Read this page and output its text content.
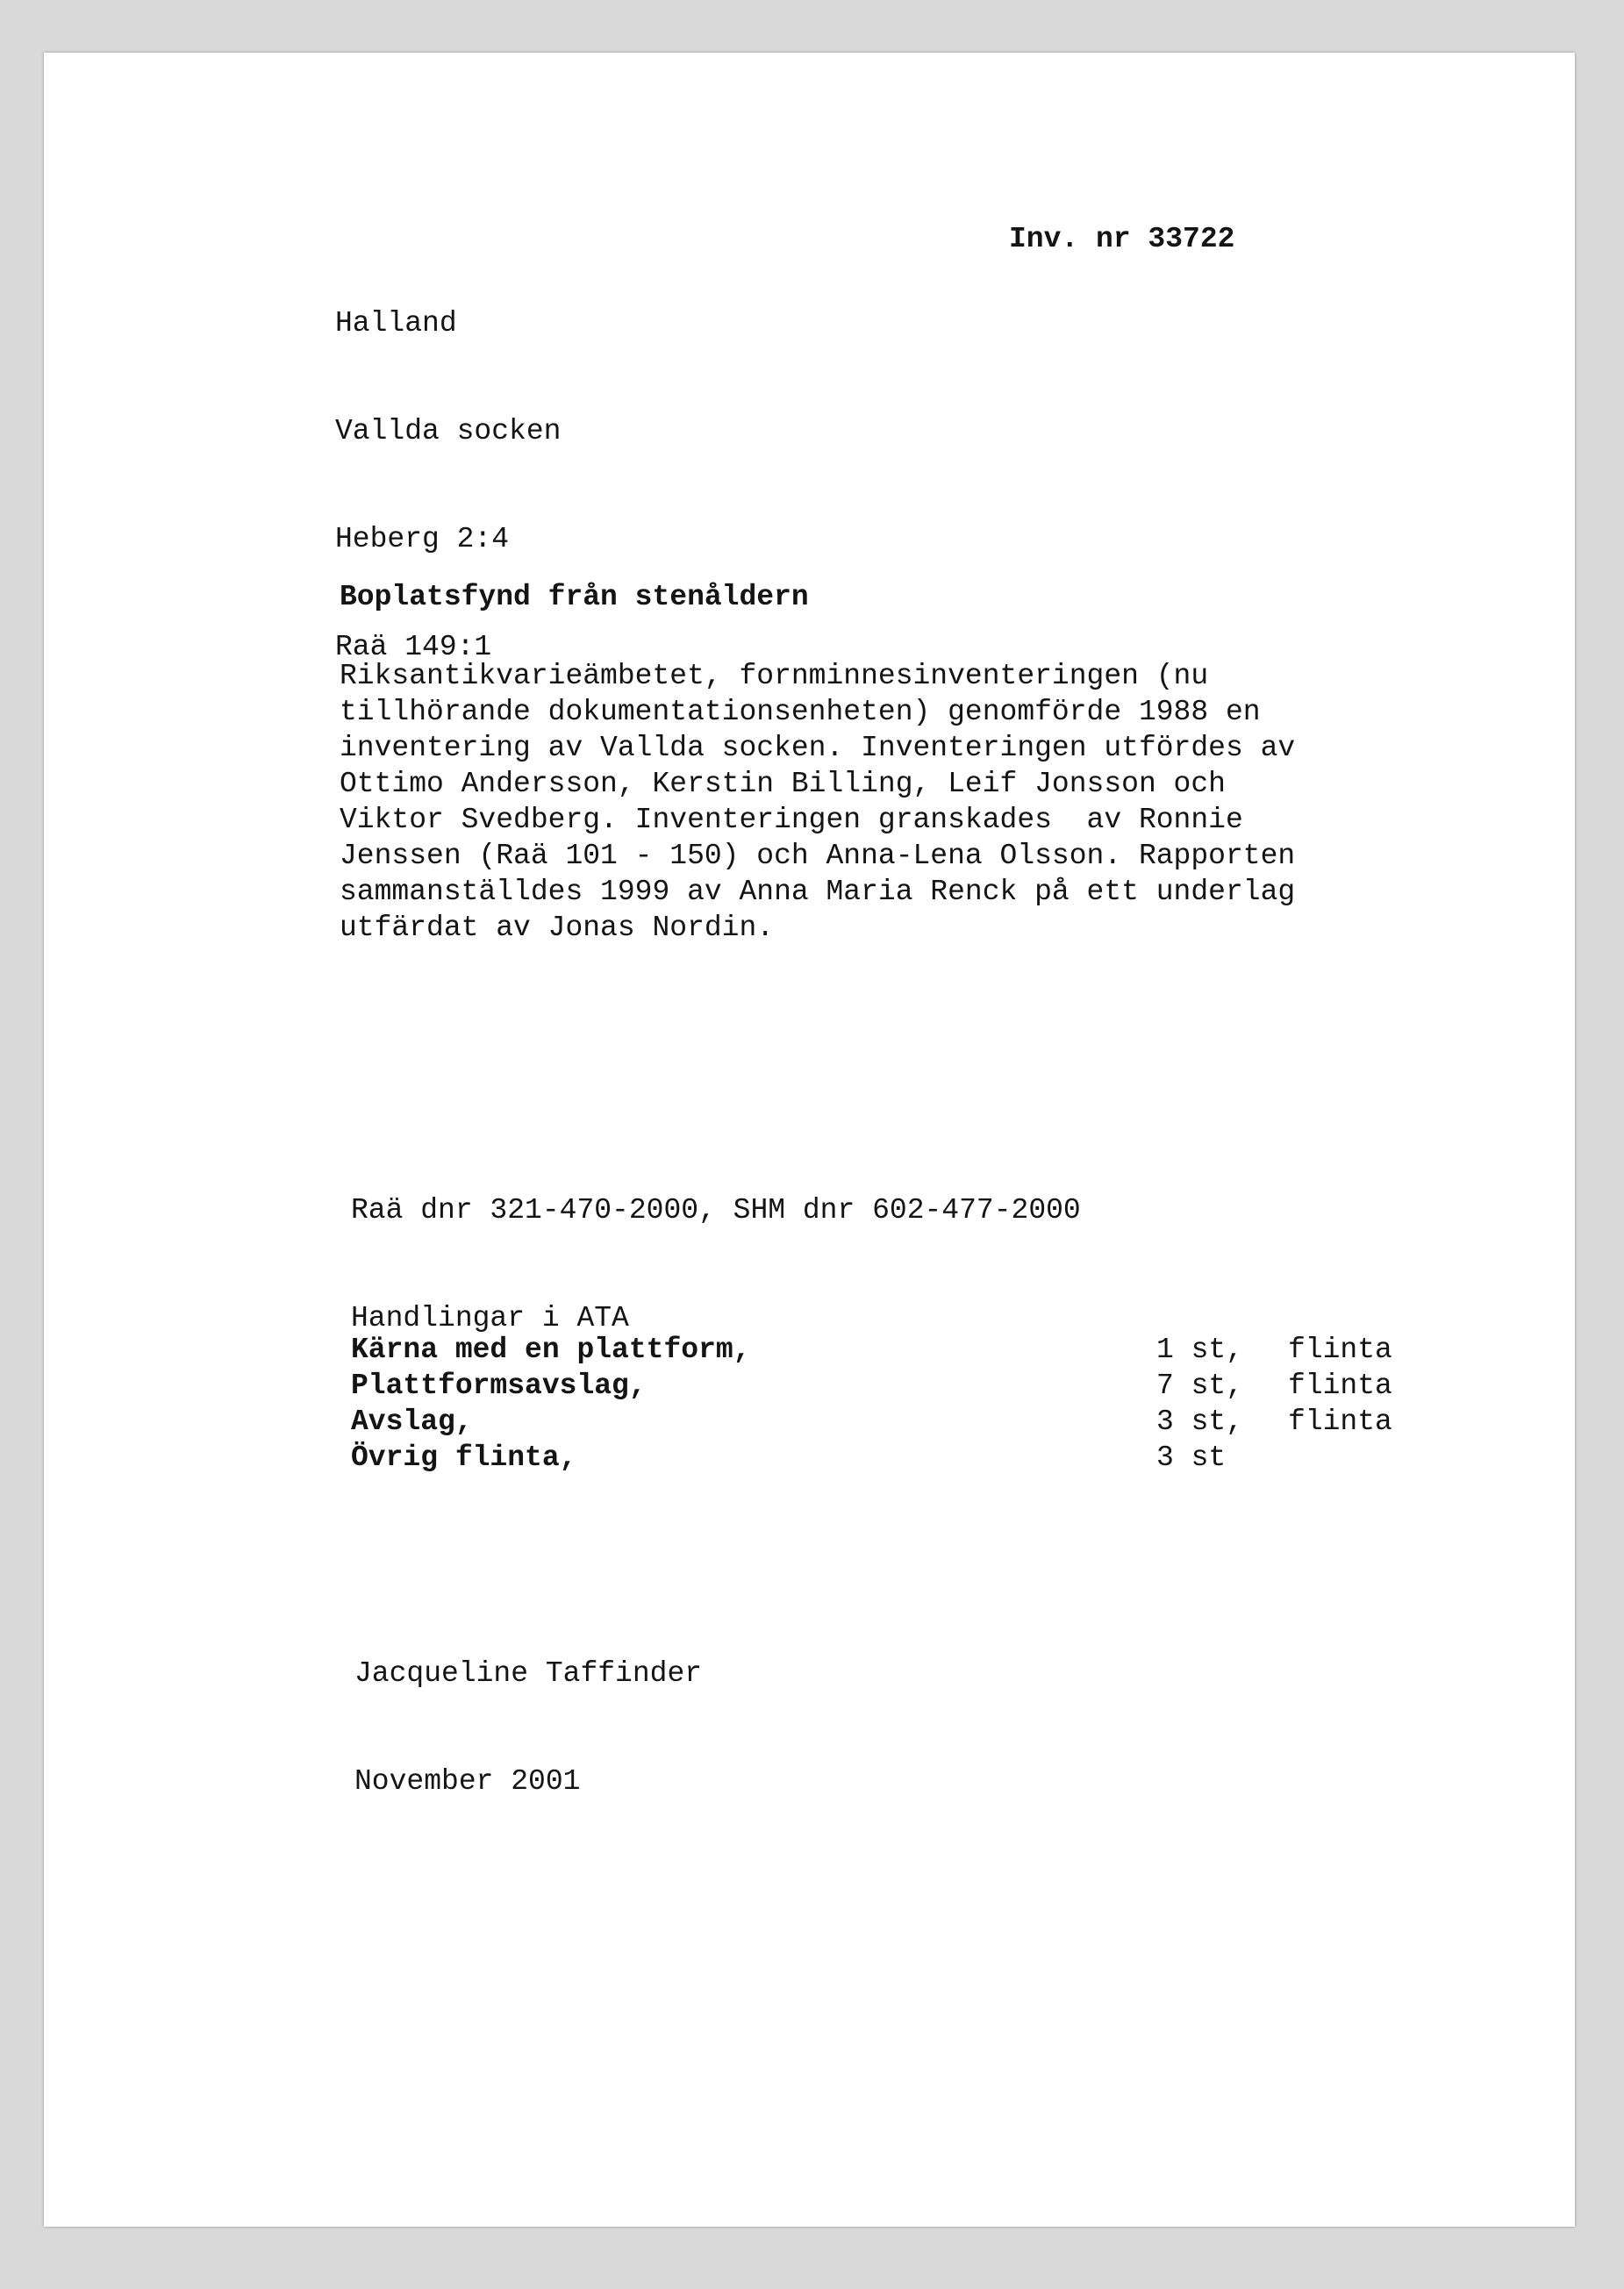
Halland

Vallda socken

Heberg 2:4

Raä 149:1

Inv. nr 33722
Boplatsfynd från stenåldern
Riksantikvarieämbetet, fornminnesinventeringen (nu
tillhörande dokumentationsenheten) genomförde 1988 en
inventering av Vallda socken. Inventeringen utfördes av
Ottimo Andersson, Kerstin Billing, Leif Jonsson och
Viktor Svedberg. Inventeringen granskades  av Ronnie
Jenssen (Raä 101 - 150) och Anna-Lena Olsson. Rapporten
sammanställdes 1999 av Anna Maria Renck på ett underlag
utfärdat av Jonas Nordin.

Raä dnr 321-470-2000, SHM dnr 602-477-2000

Handlingar i ATA

Kärna med en plattform,	1 st,	flinta
Plattformsavslag,	7 st,	flinta
Avslag,	3 st,	flinta
Övrig flinta,	3 st	

Jacqueline Taffinder

November 2001
